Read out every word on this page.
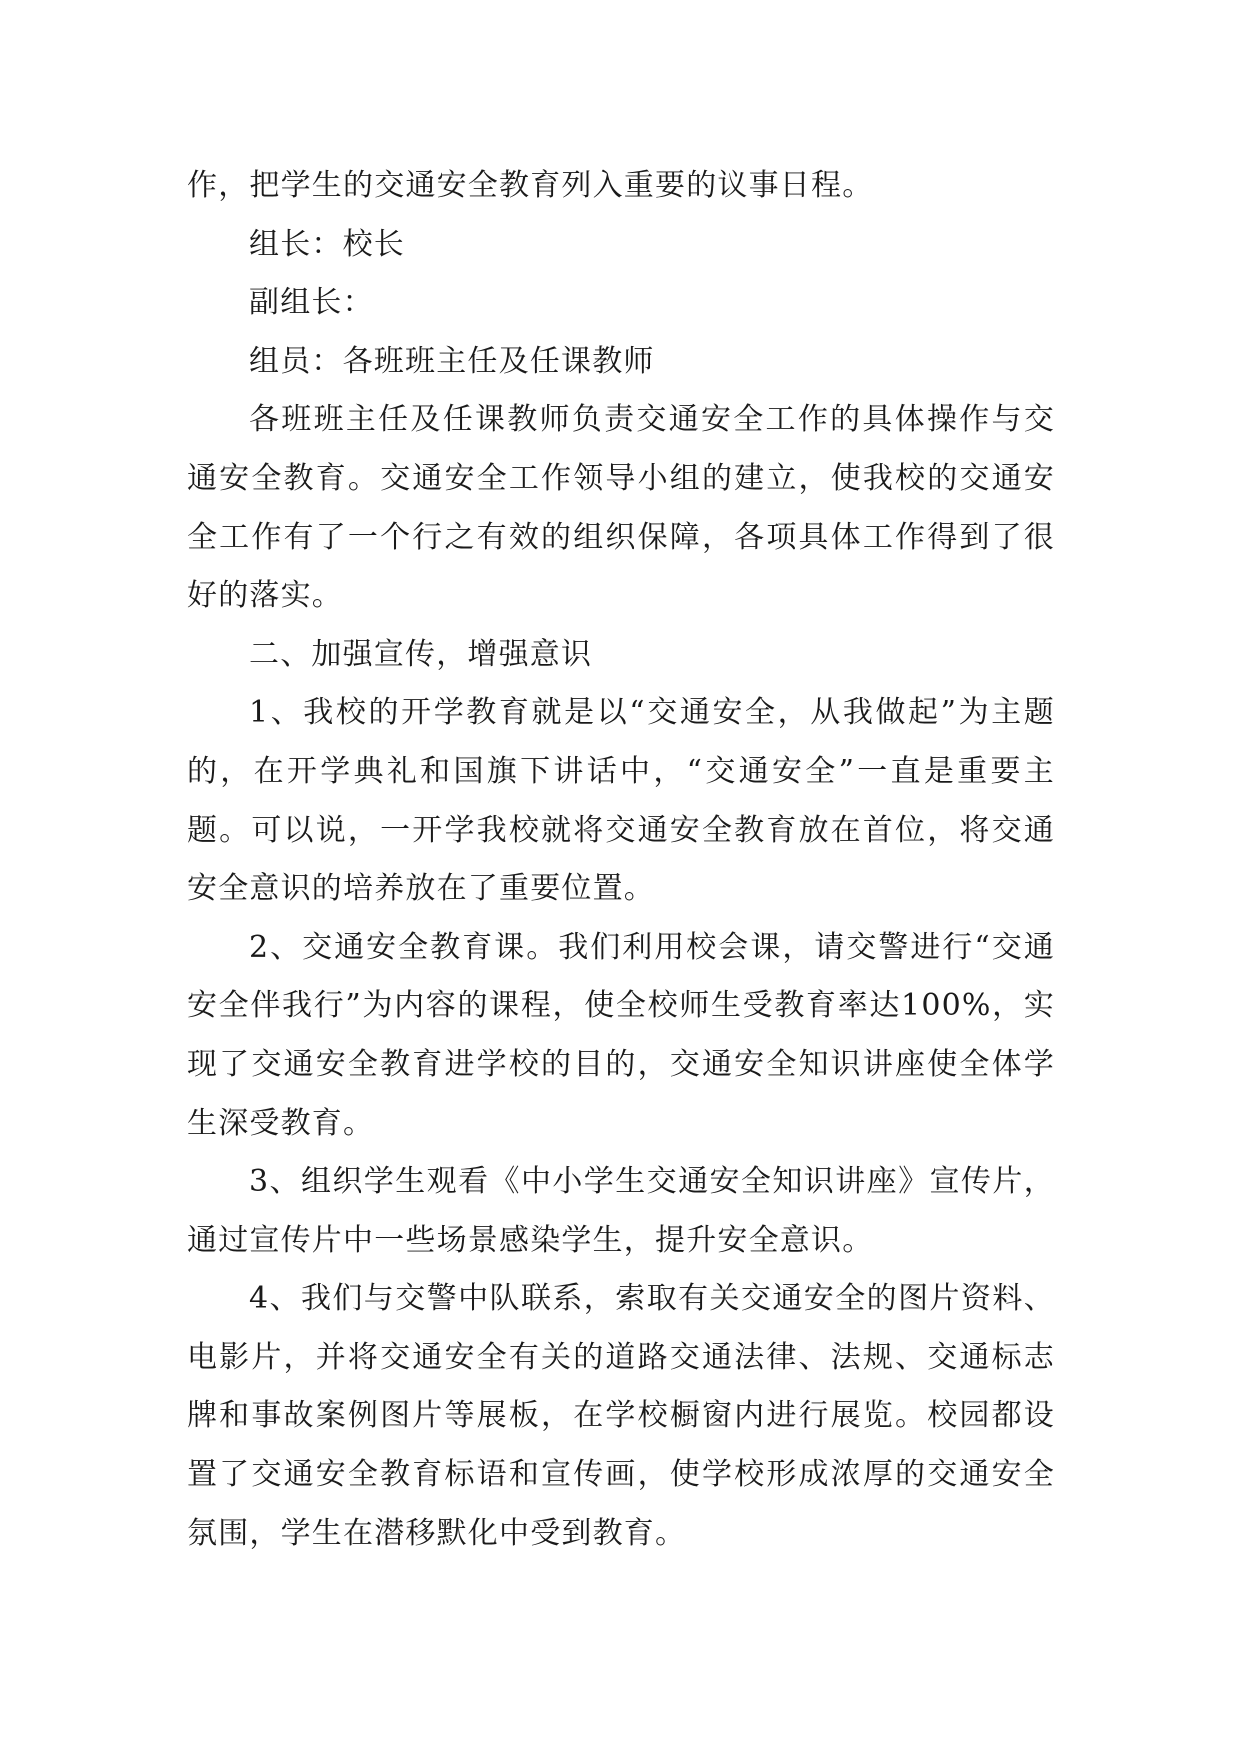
作，把学生的交通安全教育列入重要的议事日程。

组长：校长

副组长：

组员：各班班主任及任课教师

各班班主任及任课教师负责交通安全工作的具体操作与交通安全教育。交通安全工作领导小组的建立，使我校的交通安全工作有了一个行之有效的组织保障，各项具体工作得到了很好的落实。

二、加强宣传，增强意识

1、我校的开学教育就是以“交通安全，从我做起”为主题的，在开学典礼和国旗下讲话中，“交通安全”一直是重要主题。可以说，一开学我校就将交通安全教育放在首位，将交通安全意识的培养放在了重要位置。

2、交通安全教育课。我们利用校会课，请交警进行“交通安全伴我行”为内容的课程，使全校师生受教育率达100%，实现了交通安全教育进学校的目的，交通安全知识讲座使全体学生深受教育。

3、组织学生观看《中小学生交通安全知识讲座》宣传片，通过宣传片中一些场景感染学生，提升安全意识。

4、我们与交警中队联系，索取有关交通安全的图片资料、电影片，并将交通安全有关的道路交通法律、法规、交通标志牌和事故案例图片等展板，在学校橱窗内进行展览。校园都设置了交通安全教育标语和宣传画，使学校形成浓厚的交通安全氛围，学生在潜移默化中受到教育。
